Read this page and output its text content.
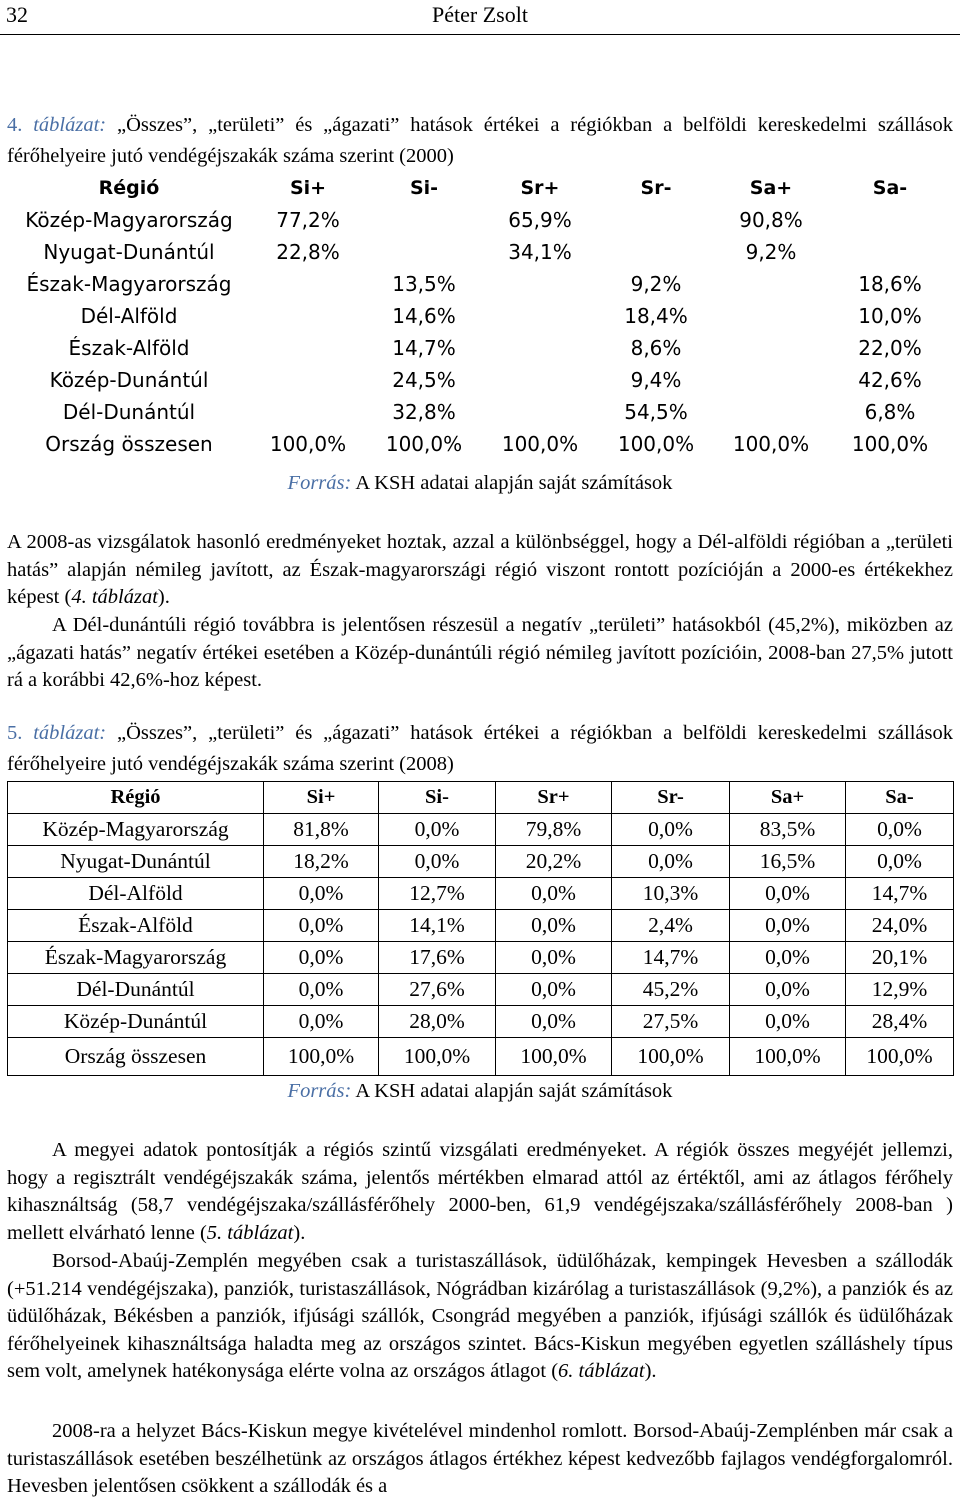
32	Péter Zsolt
4. táblázat: „Összes”, „területi” és „ágazati” hatások értékei a régiókban a belföldi kereskedelmi szállások férőhelyeire jutó vendégéjszakák száma szerint (2000)
Régió	Si+	Si-	Sr+	Sr-	Sa+	Sa-
Közép-Magyarország	77,2%		65,9%		90,8%	
Nyugat-Dunántúl	22,8%		34,1%		9,2%	
Észak-Magyarország		13,5%		9,2%		18,6%
Dél-Alföld		14,6%		18,4%		10,0%
Észak-Alföld		14,7%		8,6%		22,0%
Közép-Dunántúl		24,5%		9,4%		42,6%
Dél-Dunántúl		32,8%		54,5%		6,8%
Ország összesen	100,0%	100,0%	100,0%	100,0%	100,0%	100,0%
Forrás: A KSH adatai alapján saját számítások

A 2008-as vizsgálatok hasonló eredményeket hoztak, azzal a különbséggel, hogy a Dél-alföldi régióban a „területi hatás” alapján némileg javított, az Észak-magyarországi régió viszont rontott pozícióján a 2000-es értékekhez képest (4. táblázat).

A Dél-dunántúli régió továbbra is jelentősen részesül a negatív „területi” hatásokból (45,2%), miközben az „ágazati hatás” negatív értékei esetében a Közép-dunántúli régió némileg javított pozícióin, 2008-ban 27,5% jutott rá a korábbi 42,6%-hoz képest.

5. táblázat: „Összes”, „területi” és „ágazati” hatások értékei a régiókban a belföldi kereskedelmi szállások férőhelyeire jutó vendégéjszakák száma szerint (2008)
Régió	Si+	Si-	Sr+	Sr-	Sa+	Sa-
Közép-Magyarország	81,8%	0,0%	79,8%	0,0%	83,5%	0,0%
Nyugat-Dunántúl	18,2%	0,0%	20,2%	0,0%	16,5%	0,0%
Dél-Alföld	0,0%	12,7%	0,0%	10,3%	0,0%	14,7%
Észak-Alföld	0,0%	14,1%	0,0%	2,4%	0,0%	24,0%
Észak-Magyarország	0,0%	17,6%	0,0%	14,7%	0,0%	20,1%
Dél-Dunántúl	0,0%	27,6%	0,0%	45,2%	0,0%	12,9%
Közép-Dunántúl	0,0%	28,0%	0,0%	27,5%	0,0%	28,4%
Ország összesen	100,0%	100,0%	100,0%	100,0%	100,0%	100,0%
Forrás: A KSH adatai alapján saját számítások

A megyei adatok pontosítják a régiós szintű vizsgálati eredményeket. A régiók összes megyéjét jellemzi, hogy a regisztrált vendégéjszakák száma, jelentős mértékben elmarad attól az értéktől, ami az átlagos férőhely kihasználtság (58,7 vendégéjszaka/szállásférőhely 2000-ben, 61,9 vendégéjszaka/szállásférőhely 2008-ban ) mellett elvárható lenne (5. táblázat).

Borsod-Abaúj-Zemplén megyében csak a turistaszállások, üdülőházak, kempingek Hevesben a szállodák (+51.214 vendégéjszaka), panziók, turistaszállások, Nógrádban kizárólag a turistaszállások (9,2%), a panziók és az üdülőházak, Békésben a panziók, ifjúsági szállók, Csongrád megyében a panziók, ifjúsági szállók és üdülőházak férőhelyeinek kihasználtsága haladta meg az országos szintet. Bács-Kiskun megyében egyetlen szálláshely típus sem volt, amelynek hatékonysága elérte volna az országos átlagot (6. táblázat).

2008-ra a helyzet Bács-Kiskun megye kivételével mindenhol romlott. Borsod-Abaúj-Zemplénben már csak a turistaszállások esetében beszélhetünk az országos átlagos értékhez képest kedvezőbb fajlagos vendégforgalomról. Hevesben jelentősen csökkent a szállodák és a
